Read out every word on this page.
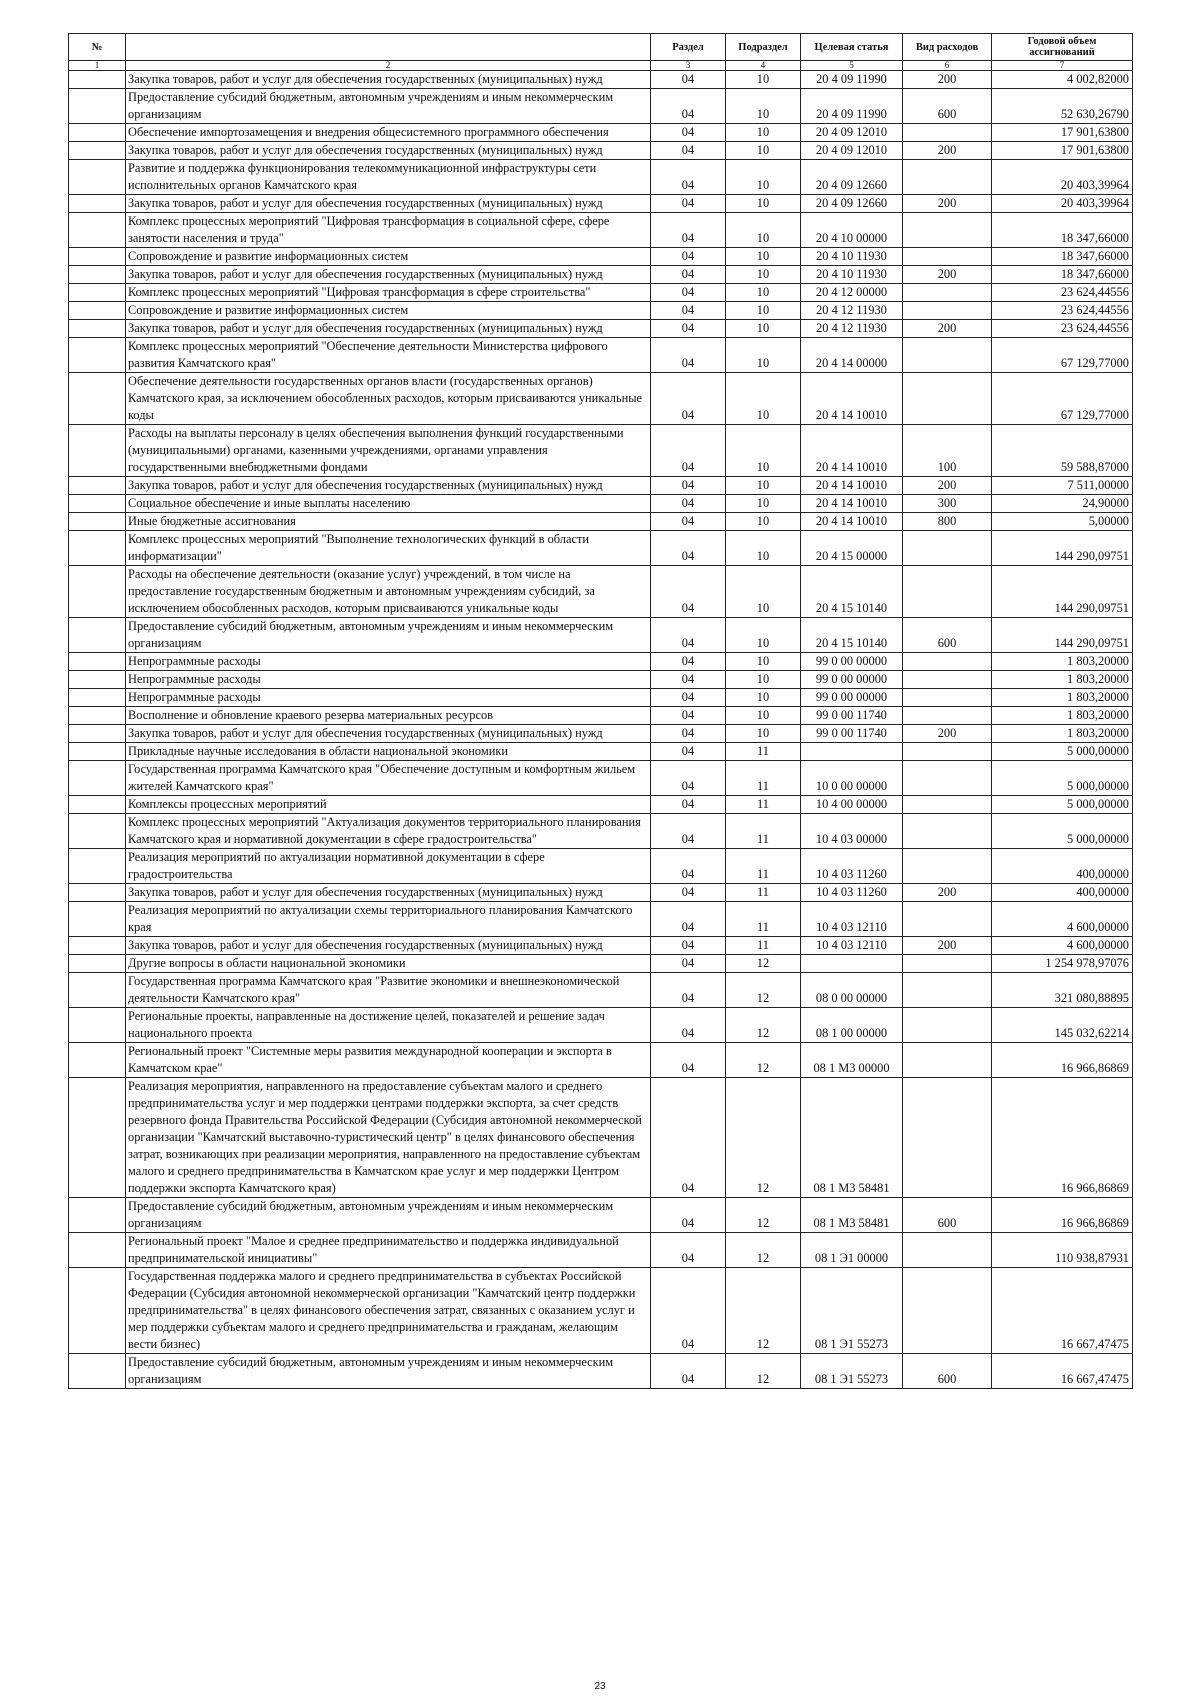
№		Раздел	Подраздел	Целевая статья	Вид расходов	Годовой объем ассигнований
1	2	3	4	5	6	7
	Закупка товаров, работ и услуг для обеспечения государственных (муниципальных) нужд	04	10	20 4 09 11990	200	4 002,82000
	Предоставление субсидий бюджетным, автономным учреждениям и иным некоммерческим организациям	04	10	20 4 09 11990	600	52 630,26790
	Обеспечение импортозамещения и внедрения общесистемного программного обеспечения	04	10	20 4 09 12010		17 901,63800
	Закупка товаров, работ и услуг для обеспечения государственных (муниципальных) нужд	04	10	20 4 09 12010	200	17 901,63800
	Развитие и поддержка функционирования телекоммуникационной инфраструктуры сети исполнительных органов Камчатского края	04	10	20 4 09 12660		20 403,39964
	Закупка товаров, работ и услуг для обеспечения государственных (муниципальных) нужд	04	10	20 4 09 12660	200	20 403,39964
	Комплекс процессных мероприятий "Цифровая трансформация в социальной сфере, сфере занятости населения и труда"	04	10	20 4 10 00000		18 347,66000
	Сопровождение и развитие информационных систем	04	10	20 4 10 11930		18 347,66000
	Закупка товаров, работ и услуг для обеспечения государственных (муниципальных) нужд	04	10	20 4 10 11930	200	18 347,66000
	Комплекс процессных мероприятий "Цифровая трансформация в сфере строительства"	04	10	20 4 12 00000		23 624,44556
	Сопровождение и развитие информационных систем	04	10	20 4 12 11930		23 624,44556
	Закупка товаров, работ и услуг для обеспечения государственных (муниципальных) нужд	04	10	20 4 12 11930	200	23 624,44556
	Комплекс процессных мероприятий "Обеспечение деятельности Министерства цифрового развития Камчатского края"	04	10	20 4 14 00000		67 129,77000
	Обеспечение деятельности государственных органов власти (государственных органов) Камчатского края, за исключением обособленных расходов, которым присваиваются уникальные коды	04	10	20 4 14 10010		67 129,77000
	Расходы на выплаты персоналу в целях обеспечения выполнения функций государственными (муниципальными) органами, казенными учреждениями, органами управления государственными внебюджетными фондами	04	10	20 4 14 10010	100	59 588,87000
	Закупка товаров, работ и услуг для обеспечения государственных (муниципальных) нужд	04	10	20 4 14 10010	200	7 511,00000
	Социальное обеспечение и иные выплаты населению	04	10	20 4 14 10010	300	24,90000
	Иные бюджетные ассигнования	04	10	20 4 14 10010	800	5,00000
	Комплекс процессных мероприятий "Выполнение технологических функций в области информатизации"	04	10	20 4 15 00000		144 290,09751
	Расходы на обеспечение деятельности (оказание услуг) учреждений, в том числе на предоставление государственным бюджетным и автономным учреждениям субсидий, за исключением обособленных расходов, которым присваиваются уникальные коды	04	10	20 4 15 10140		144 290,09751
	Предоставление субсидий бюджетным, автономным учреждениям и иным некоммерческим организациям	04	10	20 4 15 10140	600	144 290,09751
	Непрограммные расходы	04	10	99 0 00 00000		1 803,20000
	Непрограммные расходы	04	10	99 0 00 00000		1 803,20000
	Непрограммные расходы	04	10	99 0 00 00000		1 803,20000
	Восполнение и обновление краевого резерва материальных ресурсов	04	10	99 0 00 11740		1 803,20000
	Закупка товаров, работ и услуг для обеспечения государственных (муниципальных) нужд	04	10	99 0 00 11740	200	1 803,20000
	Прикладные научные исследования в области национальной экономики	04	11			5 000,00000
	Государственная программа Камчатского края "Обеспечение доступным и комфортным жильем жителей Камчатского края"	04	11	10 0 00 00000		5 000,00000
	Комплексы процессных мероприятий	04	11	10 4 00 00000		5 000,00000
	Комплекс процессных мероприятий "Актуализация документов территориального планирования Камчатского края и нормативной документации в сфере градостроительства"	04	11	10 4 03 00000		5 000,00000
	Реализация мероприятий по актуализации нормативной документации в сфере градостроительства	04	11	10 4 03 11260		400,00000
	Закупка товаров, работ и услуг для обеспечения государственных (муниципальных) нужд	04	11	10 4 03 11260	200	400,00000
	Реализация мероприятий по актуализации схемы территориального планирования Камчатского края	04	11	10 4 03 12110		4 600,00000
	Закупка товаров, работ и услуг для обеспечения государственных (муниципальных) нужд	04	11	10 4 03 12110	200	4 600,00000
	Другие вопросы в области национальной экономики	04	12			1 254 978,97076
	Государственная программа Камчатского края "Развитие экономики и внешнеэкономической деятельности Камчатского края"	04	12	08 0 00 00000		321 080,88895
	Региональные проекты, направленные на достижение целей, показателей и решение задач национального проекта	04	12	08 1 00 00000		145 032,62214
	Региональный проект "Системные меры развития международной кооперации и экспорта в Камчатском крае"	04	12	08 1 М3 00000		16 966,86869
	Реализация мероприятия, направленного на предоставление субъектам малого и среднего предпринимательства услуг и мер поддержки центрами поддержки экспорта, за счет средств резервного фонда Правительства Российской Федерации (Субсидия автономной некоммерческой организации "Камчатский выставочно-туристический центр" в целях финансового обеспечения затрат, возникающих при реализации мероприятия, направленного на предоставление субъектам малого и среднего предпринимательства в Камчатском крае услуг и мер поддержки Центром поддержки экспорта Камчатского края)	04	12	08 1 М3 58481		16 966,86869
	Предоставление субсидий бюджетным, автономным учреждениям и иным некоммерческим организациям	04	12	08 1 М3 58481	600	16 966,86869
	Региональный проект "Малое и среднее предпринимательство и поддержка индивидуальной предпринимательской инициативы"	04	12	08 1 Э1 00000		110 938,87931
	Государственная поддержка малого и среднего предпринимательства в субъектах Российской Федерации (Субсидия автономной некоммерческой организации "Камчатский центр поддержки предпринимательства" в целях финансового обеспечения затрат, связанных с оказанием услуг и мер поддержки субъектам малого и среднего предпринимательства и гражданам, желающим вести бизнес)	04	12	08 1 Э1 55273		16 667,47475
	Предоставление субсидий бюджетным, автономным учреждениям и иным некоммерческим организациям	04	12	08 1 Э1 55273	600	16 667,47475
23
